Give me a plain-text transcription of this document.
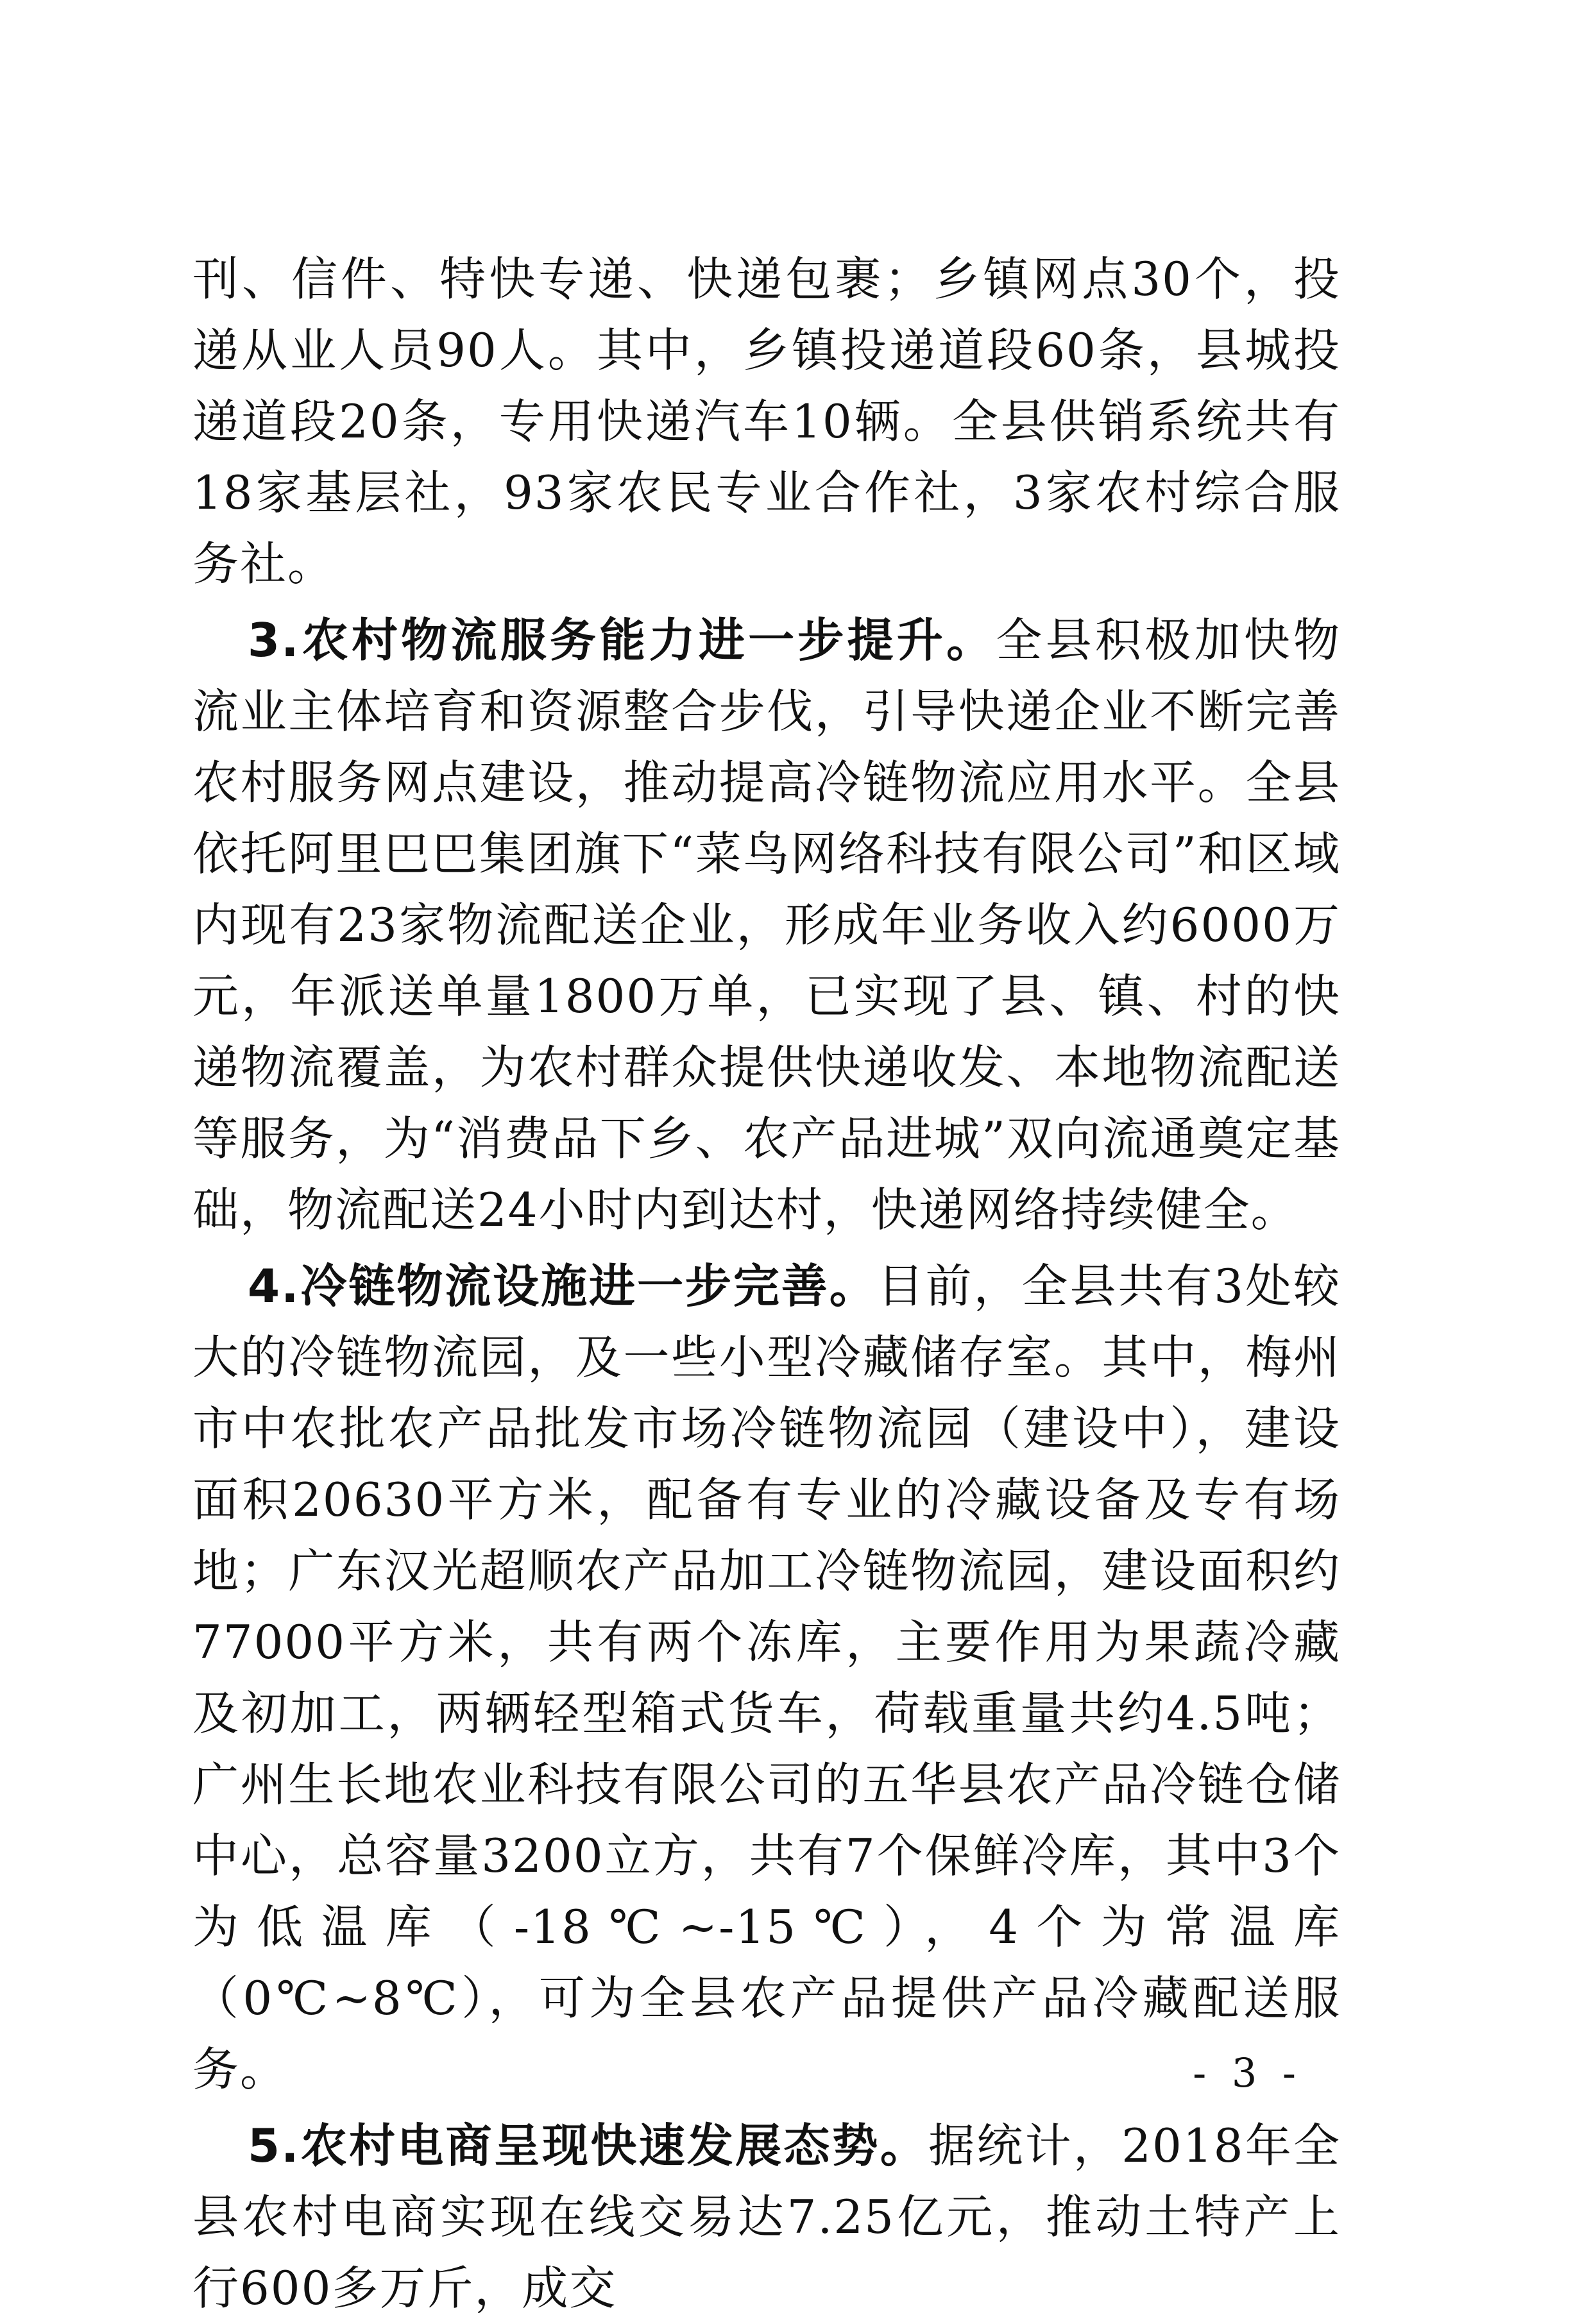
刊、信件、特快专递、快递包裹；乡镇网点30个，投递从业人员90人。其中，乡镇投递道段60条，县城投递道段20条，专用快递汽车10辆。全县供销系统共有18家基层社，93家农民专业合作社，3家农村综合服务社。

3.农村物流服务能力进一步提升。全县积极加快物流业主体培育和资源整合步伐，引导快递企业不断完善农村服务网点建设，推动提高冷链物流应用水平。全县依托阿里巴巴集团旗下“菜鸟网络科技有限公司”和区域内现有23家物流配送企业，形成年业务收入约6000万元，年派送单量1800万单，已实现了县、镇、村的快递物流覆盖，为农村群众提供快递收发、本地物流配送等服务，为“消费品下乡、农产品进城”双向流通奠定基础，物流配送24小时内到达村，快递网络持续健全。

4.冷链物流设施进一步完善。目前，全县共有3处较大的冷链物流园，及一些小型冷藏储存室。其中，梅州市中农批农产品批发市场冷链物流园（建设中），建设面积20630平方米，配备有专业的冷藏设备及专有场地；广东汉光超顺农产品加工冷链物流园，建设面积约77000平方米，共有两个冻库，主要作用为果蔬冷藏及初加工，两辆轻型箱式货车，荷载重量共约4.5吨；广州生长地农业科技有限公司的五华县农产品冷链仓储中心，总容量3200立方，共有7个保鲜冷库，其中3个为低温库（-18℃~-15℃），4个为常温库（0℃~8℃），可为全县农产品提供产品冷藏配送服务。

5.农村电商呈现快速发展态势。据统计，2018年全县农村电商实现在线交易达7.25亿元，推动土特产上行600多万斤，成交

- 3 -
